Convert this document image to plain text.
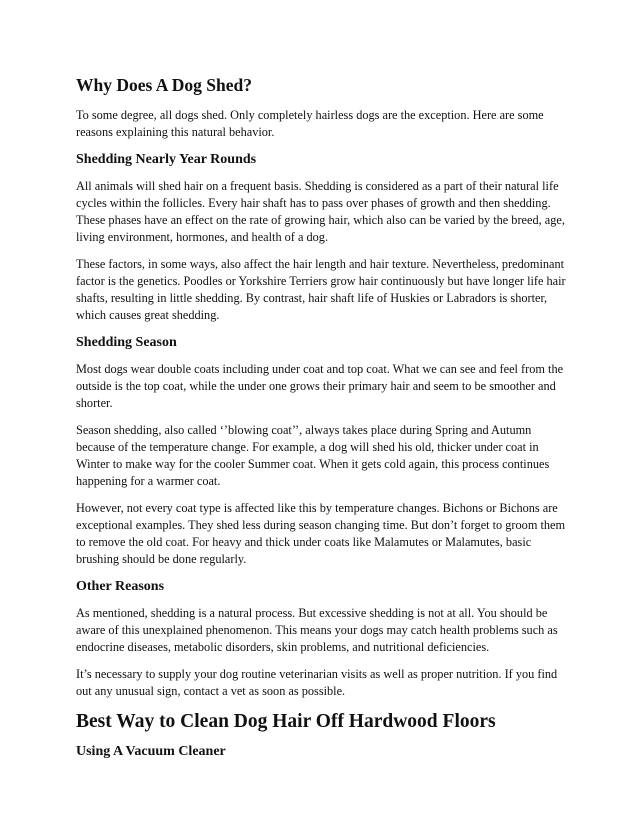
Why Does A Dog Shed?

To some degree, all dogs shed. Only completely hairless dogs are the exception. Here are some reasons explaining this natural behavior.

Shedding Nearly Year Rounds

All animals will shed hair on a frequent basis. Shedding is considered as a part of their natural life cycles within the follicles. Every hair shaft has to pass over phases of growth and then shedding. These phases have an effect on the rate of growing hair, which also can be varied by the breed, age, living environment, hormones, and health of a dog.

These factors, in some ways, also affect the hair length and hair texture. Nevertheless, predominant factor is the genetics. Poodles or Yorkshire Terriers grow hair continuously but have longer life hair shafts, resulting in little shedding. By contrast, hair shaft life of Huskies or Labradors is shorter, which causes great shedding.

Shedding Season

Most dogs wear double coats including under coat and top coat. What we can see and feel from the outside is the top coat, while the under one grows their primary hair and seem to be smoother and shorter.

Season shedding, also called ‘’blowing coat’’, always takes place during Spring and Autumn because of the temperature change. For example, a dog will shed his old, thicker under coat in Winter to make way for the cooler Summer coat. When it gets cold again, this process continues happening for a warmer coat.

However, not every coat type is affected like this by temperature changes. Bichons or Bichons are exceptional examples. They shed less during season changing time. But don’t forget to groom them to remove the old coat. For heavy and thick under coats like Malamutes or Malamutes, basic brushing should be done regularly.

Other Reasons

As mentioned, shedding is a natural process. But excessive shedding is not at all. You should be aware of this unexplained phenomenon. This means your dogs may catch health problems such as endocrine diseases, metabolic disorders, skin problems, and nutritional deficiencies.

It’s necessary to supply your dog routine veterinarian visits as well as proper nutrition. If you find out any unusual sign, contact a vet as soon as possible.

Best Way to Clean Dog Hair Off Hardwood Floors
Using A Vacuum Cleaner
